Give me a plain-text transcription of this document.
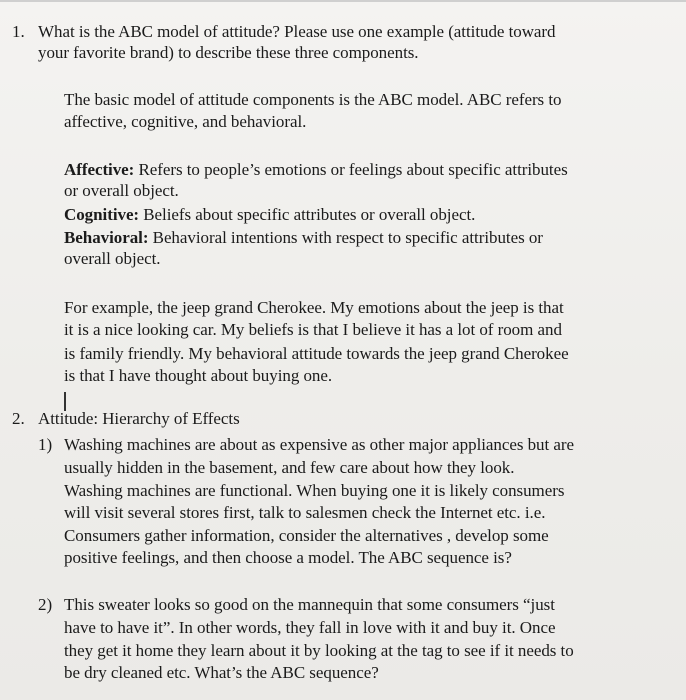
1. What is the ABC model of attitude? Please use one example (attitude toward
your favorite brand) to describe these three components.
The basic model of attitude components is the ABC model. ABC refers to
affective, cognitive, and behavioral.
Affective: Refers to people’s emotions or feelings about specific attributes
or overall object.
Cognitive: Beliefs about specific attributes or overall object.
Behavioral: Behavioral intentions with respect to specific attributes or
overall object.
For example, the jeep grand Cherokee. My emotions about the jeep is that
it is a nice looking car. My beliefs is that I believe it has a lot of room and
is family friendly. My behavioral attitude towards the jeep grand Cherokee
is that I have thought about buying one.
2. Attitude: Hierarchy of Effects
1) Washing machines are about as expensive as other major appliances but are
usually hidden in the basement, and few care about how they look.
Washing machines are functional. When buying one it is likely consumers
will visit several stores first, talk to salesmen check the Internet etc. i.e.
Consumers gather information, consider the alternatives , develop some
positive feelings, and then choose a model. The ABC sequence is?
2) This sweater looks so good on the mannequin that some consumers “just
have to have it”. In other words, they fall in love with it and buy it. Once
they get it home they learn about it by looking at the tag to see if it needs to
be dry cleaned etc. What’s the ABC sequence?
